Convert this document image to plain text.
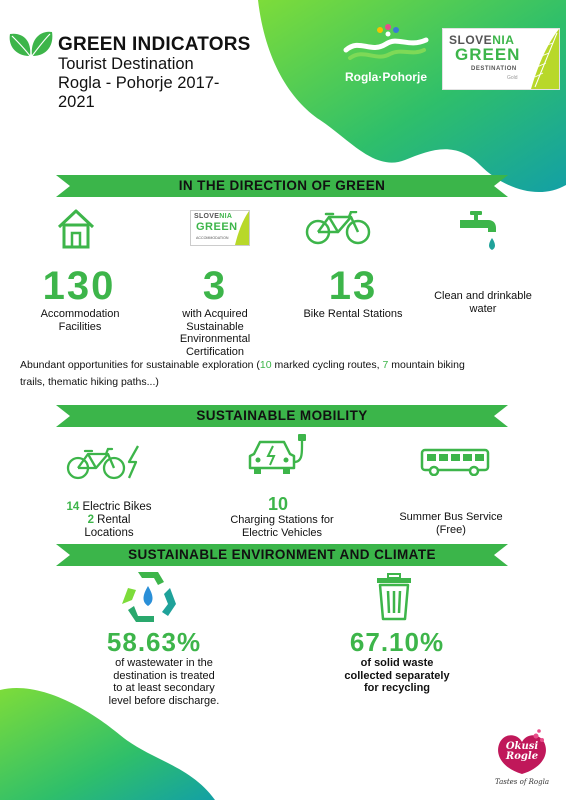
GREEN INDICATORS
Tourist Destination
Rogla - Pohorje 2017-
2021
Rogla·Pohorje
SLOVENIA
GREEN
DESTINATION
Gold
IN THE DIRECTION OF GREEN
SLOVENIA
GREEN
ACCOMMODATION
130
Accommodation
Facilities
3
with Acquired
Sustainable
Environmental
Certification
13
Bike Rental Stations
Clean and drinkable
water
Abundant opportunities for sustainable exploration (10 marked cycling routes, 7 mountain biking
trails, thematic hiking paths...)
SUSTAINABLE MOBILITY
14 Electric Bikes
2 Rental
Locations
10
Charging Stations for
Electric Vehicles
Summer Bus Service
(Free)
SUSTAINABLE ENVIRONMENT AND CLIMATE
58.63%
of wastewater in the
destination is treated
to at least secondary
level before discharge.
67.10%
of solid waste
collected separately
for recycling
Okusi
Rogle
Tastes of Rogla
